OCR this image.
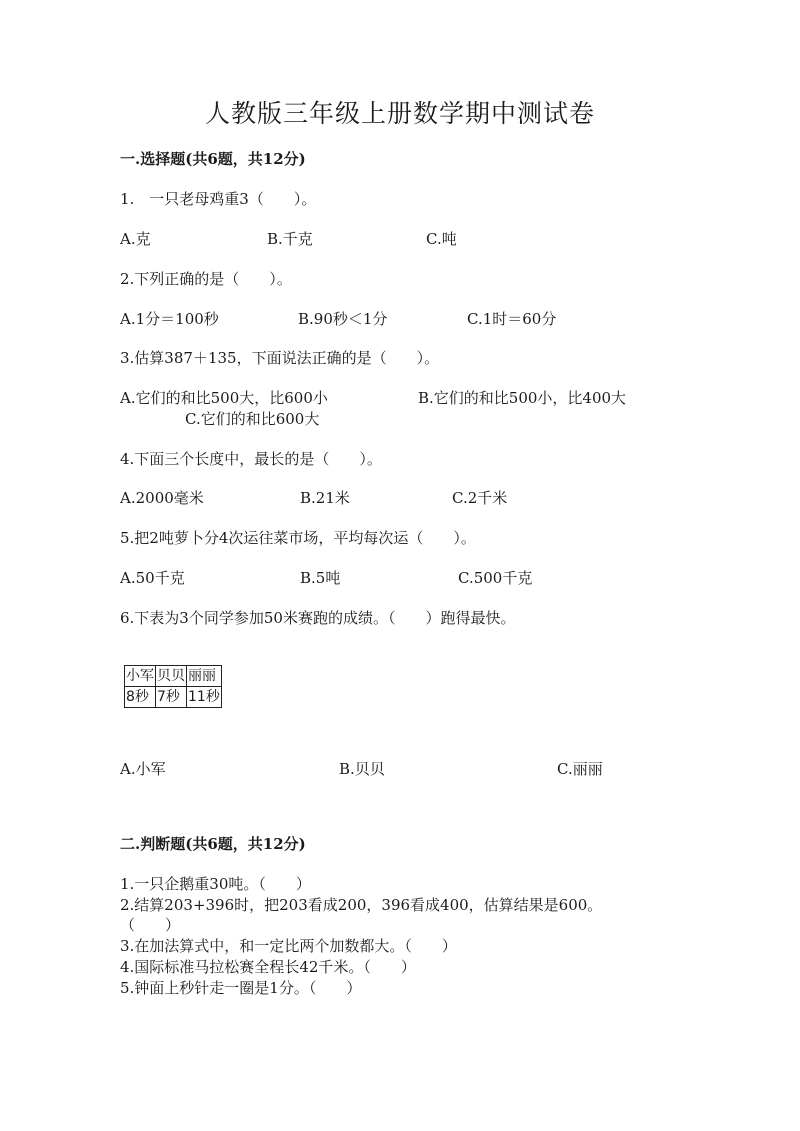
人教版三年级上册数学期中测试卷
一.选择题(共6题，共12分)
1.　一只老母鸡重3（　　）。
A.克	B.千克	C.吨
2.下列正确的是（　　）。
A.1分＝100秒	B.90秒＜1分	C.1时＝60分
3.估算387＋135，下面说法正确的是（　　）。
A.它们的和比500大，比600小	B.它们的和比500小，比400大
C.它们的和比600大
4.下面三个长度中，最长的是（　　）。
A.2000毫米	B.21米	C.2千米
5.把2吨萝卜分4次运往菜市场，平均每次运（　　）。
A.50千克	B.5吨	C.500千克
6.下表为3个同学参加50米赛跑的成绩。（　　）跑得最快。
小军	贝贝	丽丽
8秒	7秒	11秒
A.小军	B.贝贝	C.丽丽
二.判断题(共6题，共12分)
1.一只企鹅重30吨。（　　）
2.结算203+396时，把203看成200，396看成400，估算结果是600。
（　　）
3.在加法算式中，和一定比两个加数都大。（　　）
4.国际标准马拉松赛全程长42千米。（　　）
5.钟面上秒针走一圈是1分。（　　）
